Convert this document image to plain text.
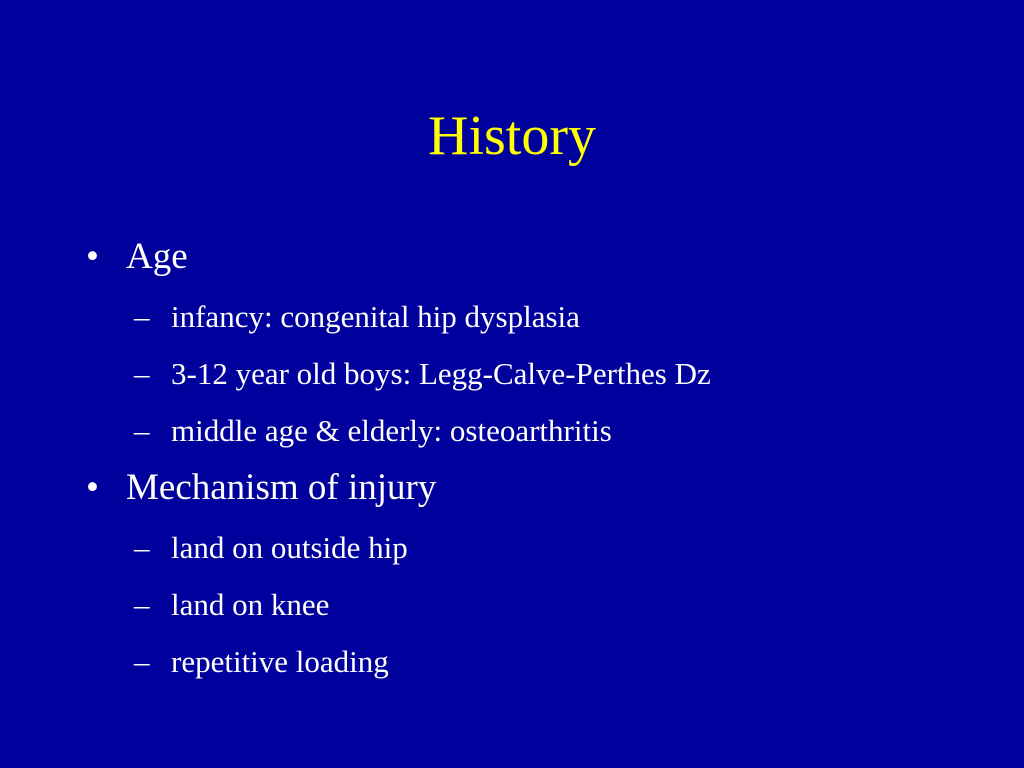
History
• Age
– infancy: congenital hip dysplasia
– 3-12 year old boys: Legg-Calve-Perthes Dz
– middle age & elderly: osteoarthritis
• Mechanism of injury
– land on outside hip
– land on knee
– repetitive loading
